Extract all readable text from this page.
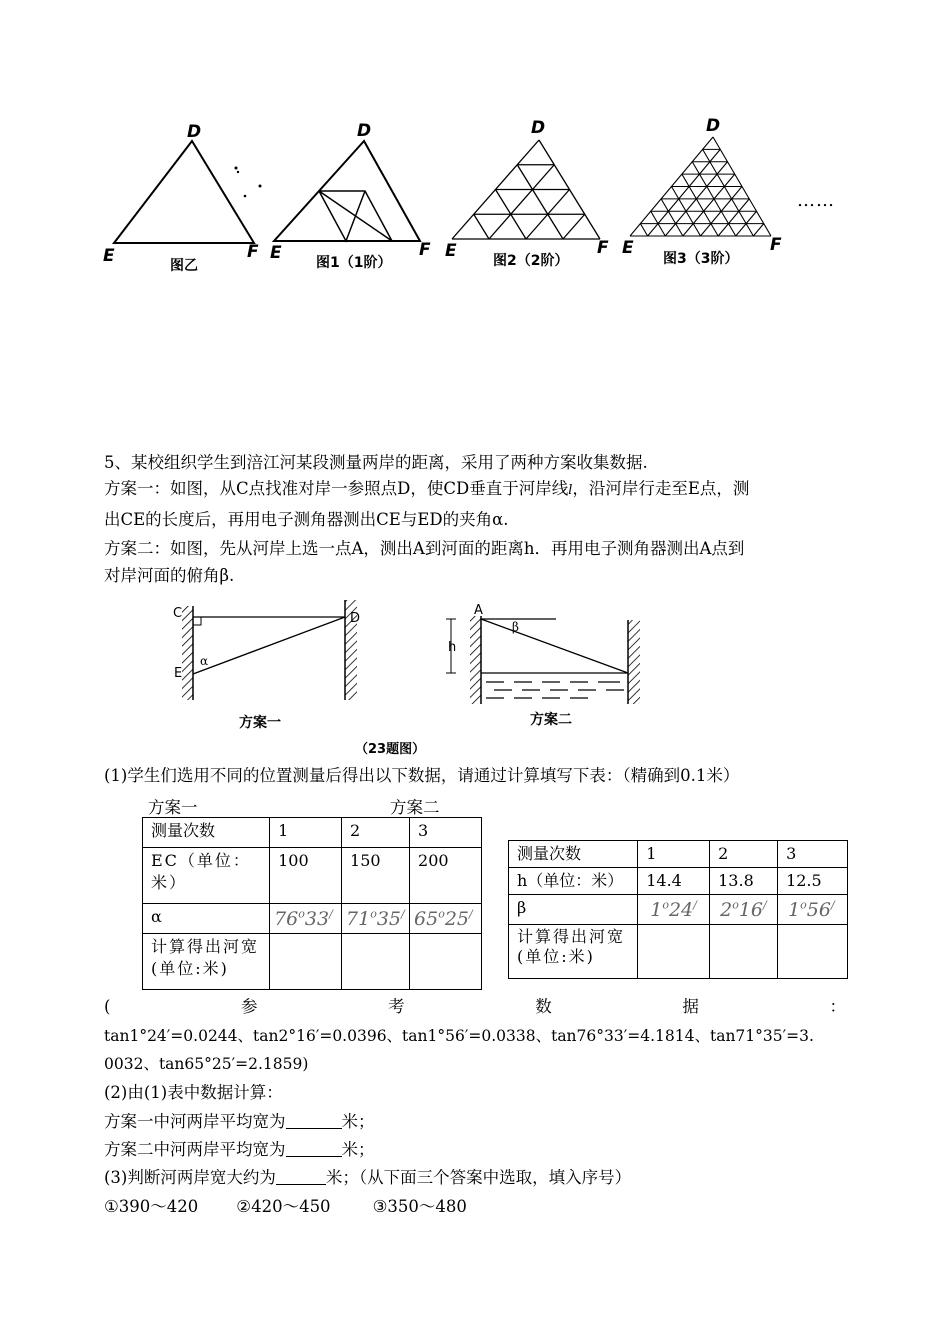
D
E	F
D
E	F
D
E	F
D
E	F
图乙	图1（1阶）	图2（2阶）	图3（3阶）
……
5、某校组织学生到涪江河某段测量两岸的距离，采用了两种方案收集数据.
方案一：如图，从C点找准对岸一参照点D，使CD垂直于河岸线l，沿河岸行走至E点，测
出CE的长度后，再用电子测角器测出CE与ED的夹角α.
方案二：如图，先从河岸上选一点A，测出A到河面的距离h．再用电子测角器测出A点到
对岸河面的俯角β.
C	D
E
α
A
β
h
方案一	方案二
（23题图）
(1)学生们选用不同的位置测量后得出以下数据，请通过计算填写下表：（精确到0.1米）
方案一	方案二
测量次数	1	2	3
EC（单位：米）	100	150	200
α	76$^o$33/	71$^o$35/	65$^o$25/
计算得出河宽(单位:米)			
测量次数	1	2	3
h（单位：米）	14.4	13.8	12.5
β	1$^o$24/	2$^o$16/	1$^o$56/
计算得出河宽(单位:米)			
(	参	考	数	据	：
tan1°24′=0.0244、tan2°16′=0.0396、tan1°56′=0.0338、tan76°33′=4.1814、tan71°35′=3.
0032、tan65°25′=2.1859)
(2)由(1)表中数据计算：
方案一中河两岸平均宽为	米；
方案二中河两岸平均宽为	米；
(3)判断河两岸宽大约为	米；（从下面三个答案中选取，填入序号）
①390～420 ②420～450	③350～480
